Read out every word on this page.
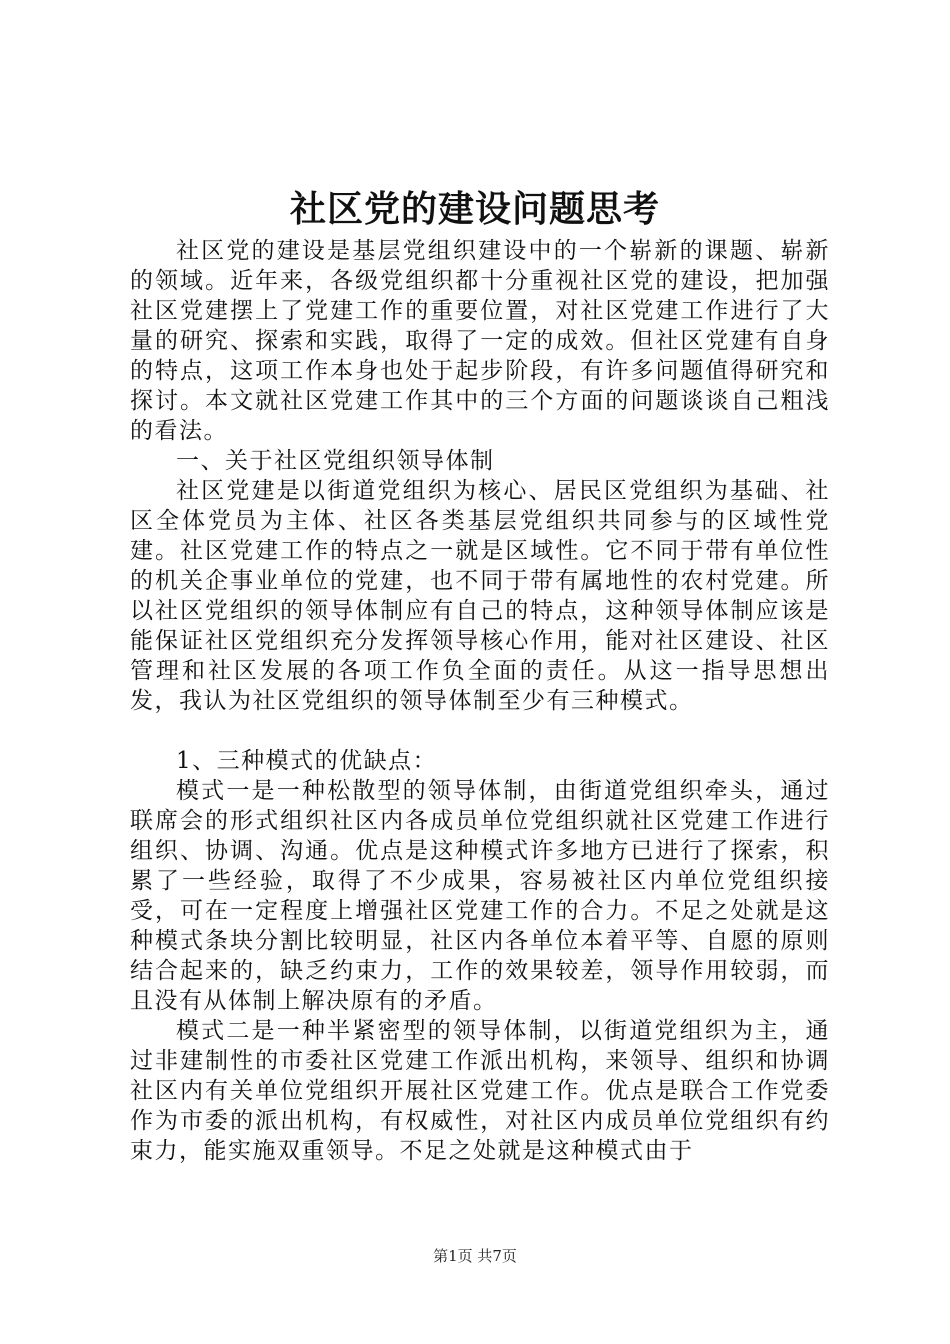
社区党的建设问题思考

社区党的建设是基层党组织建设中的一个崭新的课题、崭新的领域。近年来，各级党组织都十分重视社区党的建设，把加强社区党建摆上了党建工作的重要位置，对社区党建工作进行了大量的研究、探索和实践，取得了一定的成效。但社区党建有自身的特点，这项工作本身也处于起步阶段，有许多问题值得研究和探讨。本文就社区党建工作其中的三个方面的问题谈谈自己粗浅的看法。

一、关于社区党组织领导体制

社区党建是以街道党组织为核心、居民区党组织为基础、社区全体党员为主体、社区各类基层党组织共同参与的区域性党建。社区党建工作的特点之一就是区域性。它不同于带有单位性的机关企事业单位的党建，也不同于带有属地性的农村党建。所以社区党组织的领导体制应有自己的特点，这种领导体制应该是能保证社区党组织充分发挥领导核心作用，能对社区建设、社区管理和社区发展的各项工作负全面的责任。从这一指导思想出发，我认为社区党组织的领导体制至少有三种模式。

1、三种模式的优缺点：

模式一是一种松散型的领导体制，由街道党组织牵头，通过联席会的形式组织社区内各成员单位党组织就社区党建工作进行组织、协调、沟通。优点是这种模式许多地方已进行了探索，积累了一些经验，取得了不少成果，容易被社区内单位党组织接受，可在一定程度上增强社区党建工作的合力。不足之处就是这种模式条块分割比较明显，社区内各单位本着平等、自愿的原则结合起来的，缺乏约束力，工作的效果较差，领导作用较弱，而且没有从体制上解决原有的矛盾。

模式二是一种半紧密型的领导体制，以街道党组织为主，通过非建制性的市委社区党建工作派出机构，来领导、组织和协调社区内有关单位党组织开展社区党建工作。优点是联合工作党委作为市委的派出机构，有权威性，对社区内成员单位党组织有约束力，能实施双重领导。不足之处就是这种模式由于

第1页 共7页
